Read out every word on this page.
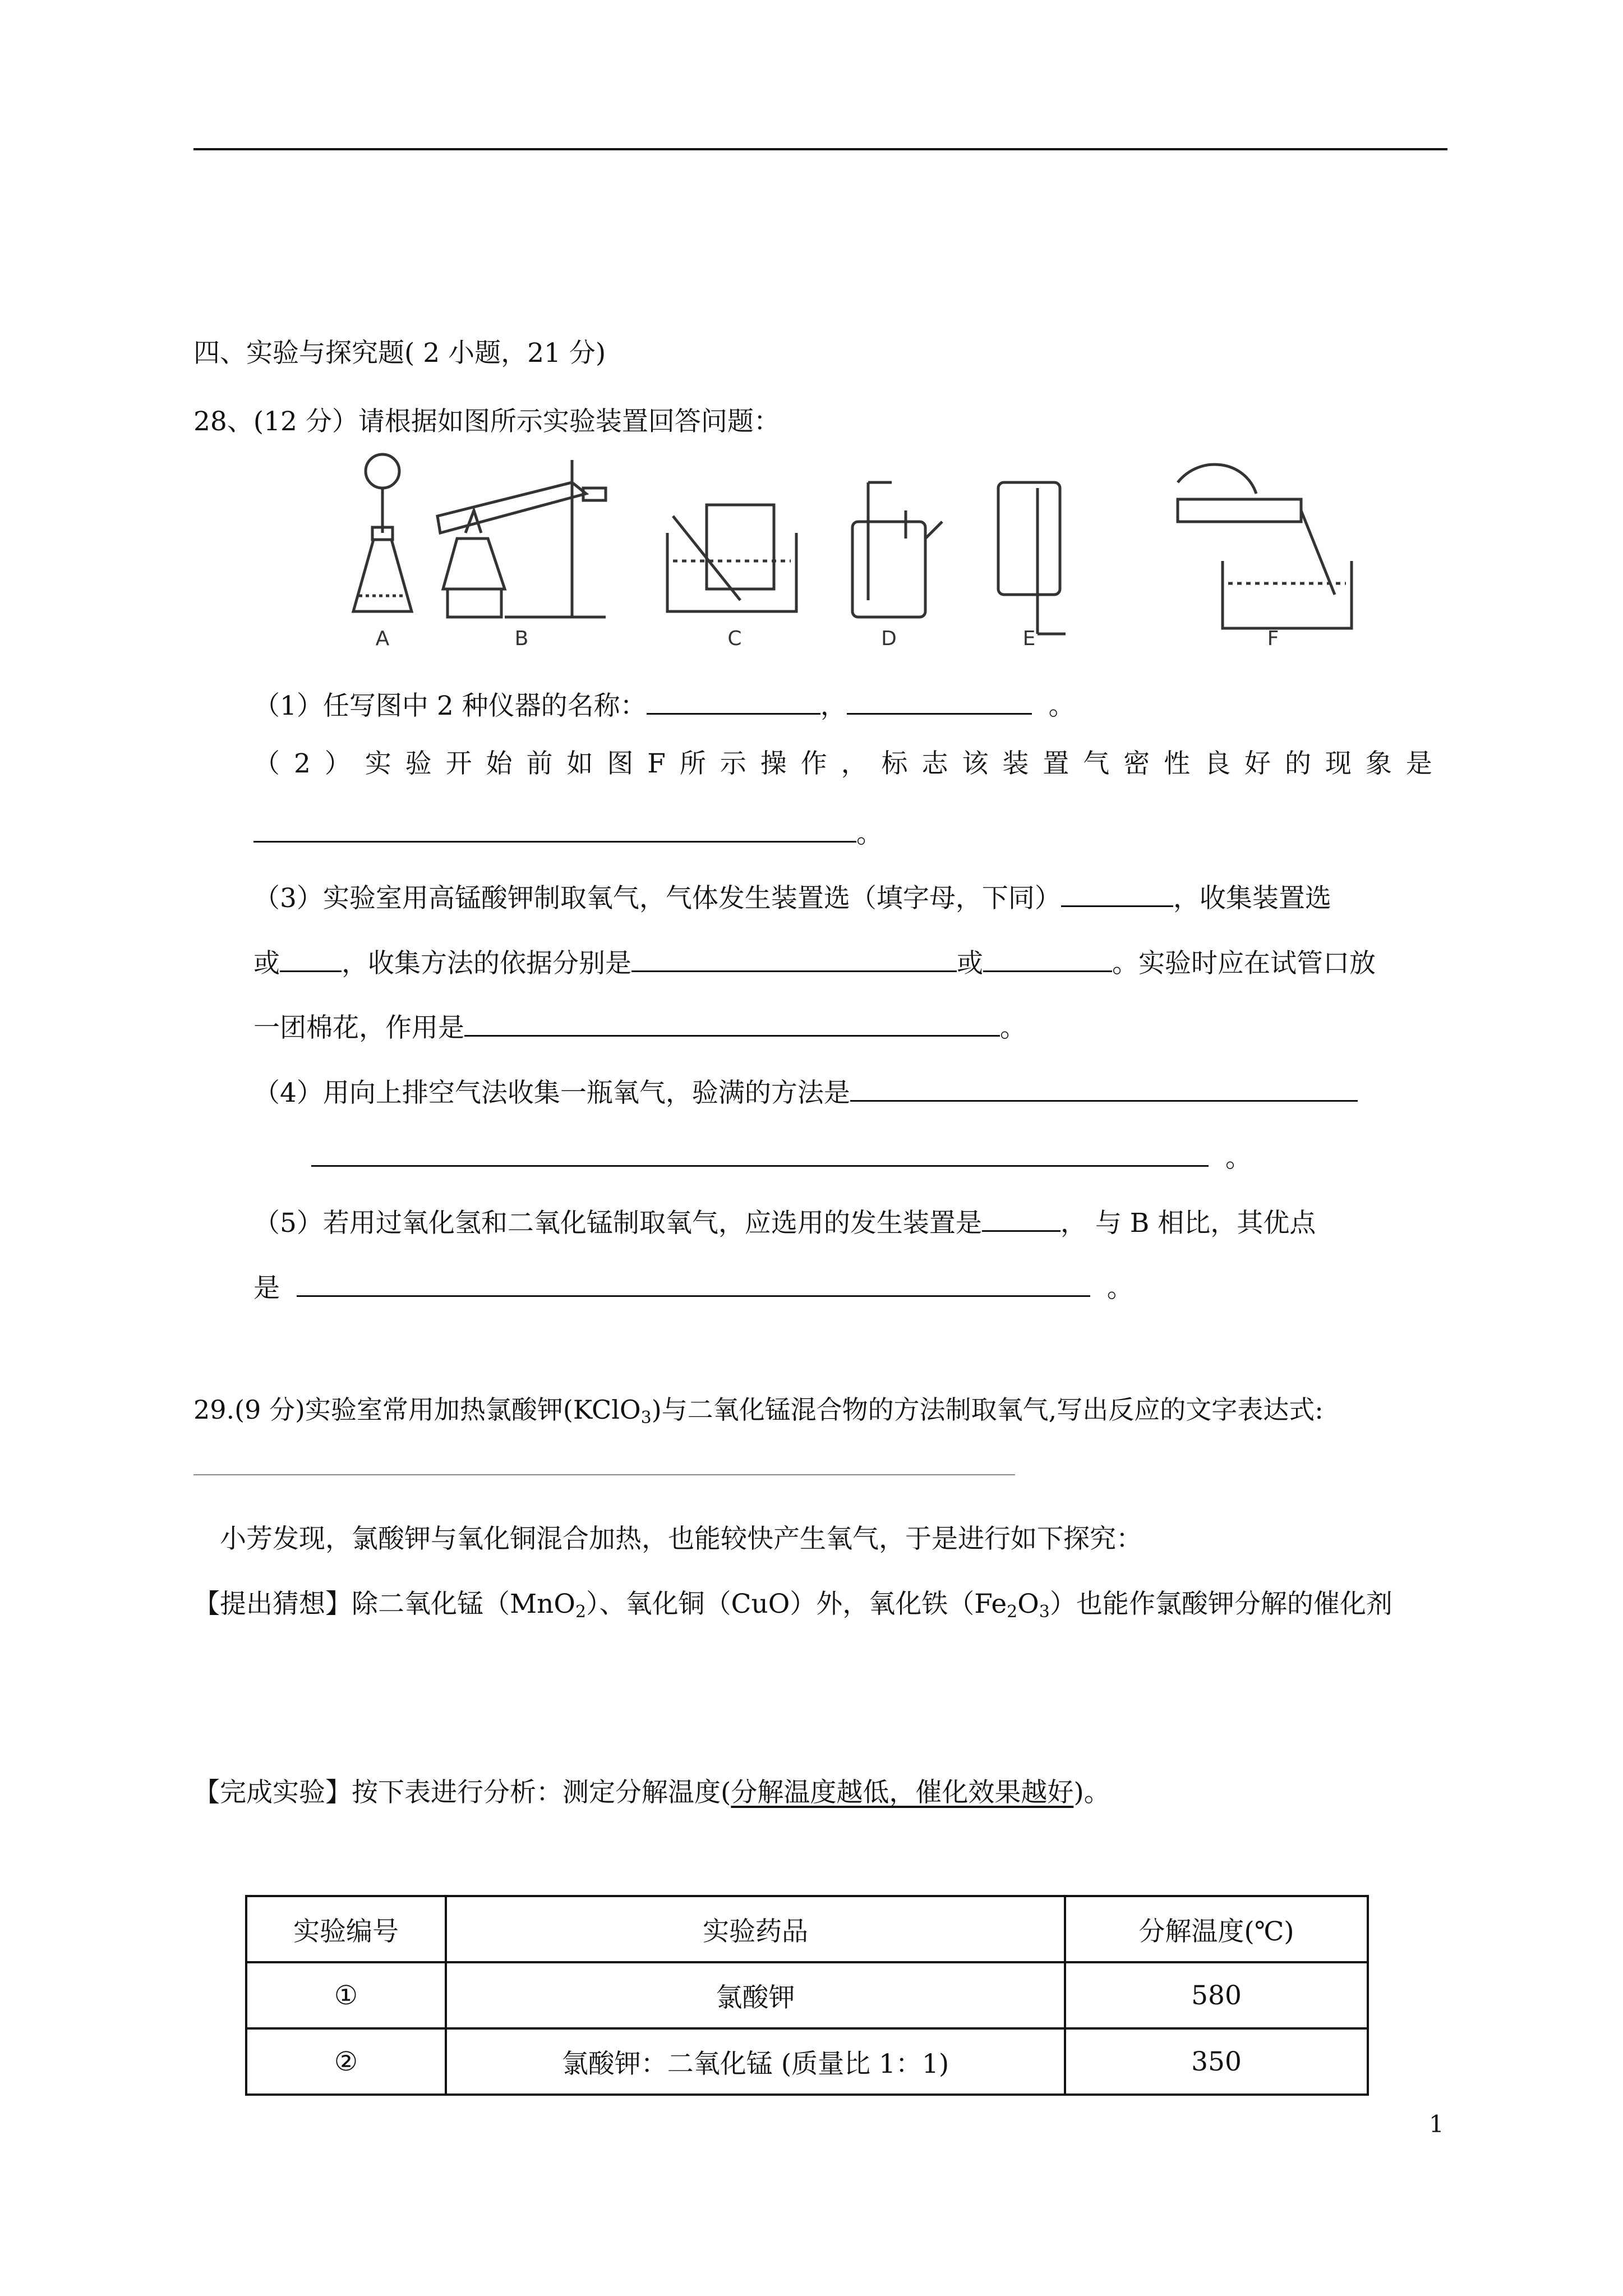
四、实验与探究题( 2 小题，21 分)
28、(12 分）请根据如图所示实验装置回答问题：
A	B	C	D	E	F
（1）任写图中 2 种仪器的名称：	，	。
（ 2 ） 实 验 开 始 前 如 图 F 所 示 操 作 ， 标 志 该 装 置 气 密 性 良 好 的 现 象 是
。
（3）实验室用高锰酸钾制取氧气，气体发生装置选（填字母，下同）	，收集装置选
或 ，收集方法的依据分别是	或	。实验时应在试管口放
一团棉花，作用是	。
（4）用向上排空气法收集一瓶氧气，验满的方法是
。
（5）若用过氧化氢和二氧化锰制取氧气，应选用的发生装置是	， 与 B 相比，其优点
是	。
29.(9 分)实验室常用加热氯酸钾(KClO$_3$)与二氧化锰混合物的方法制取氧气,写出反应的文字表达式:
小芳发现，氯酸钾与氧化铜混合加热，也能较快产生氧气，于是进行如下探究：
【提出猜想】除二氧化锰（MnO$_2$）、氧化铜（CuO）外，氧化铁$(Fe_2O_3)$也能作氯酸钾分解的催化剂
【完成实验】按下表进行分析：测定分解温度(分解温度越低，催化效果越好)。
实验编号	实验药品	分解温度(℃)
①	氯酸钾	580
②	氯酸钾：二氧化锰 (质量比 1：1)	350
1
